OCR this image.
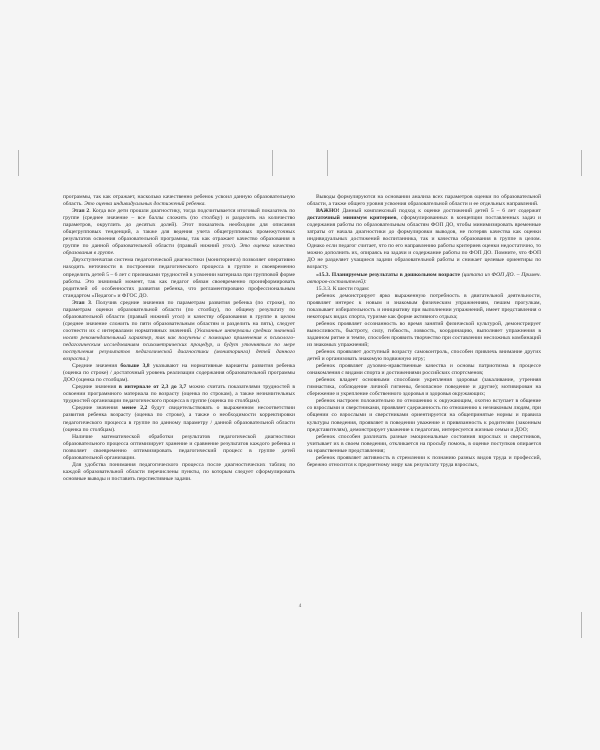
программы, так как отражает, насколько качественно ребенок усвоил данную образовательную область. Это оценка индивидуальных достижений ребенка.

Этап 2. Когда все дети прошли диагностику, тогда подсчитывается итоговый показатель по группе (среднее значение – все баллы сложить (по столбцу) и разделить на количество параметров, округлить до десятых долей). Этот показатель необходим для описания общегрупповых тенденций, а также для ведения учета общегрупповых промежуточных результатов освоения образовательной программы, так как отражает качество образования в группе по данной образовательной области (правый нижний угол). Это оценка качества образования в группе.

Двухступенчатая система педагогической диагностики (мониторинга) позволяет оперативно находить неточности в построении педагогического процесса в группе и своевременно определить детей 5 – 6 лет с признаками трудностей в усвоении материала при групповой форме работы. Это значимый момент, так как педагог обязан своевременно проинформировать родителей об особенностях развития ребенка, что регламентировано профессиональным стандартом «Педагог» и ФГОС ДО.

Этап 3. Получив средние значения по параметрам развития ребенка (по строке), по параметрам оценки образовательной области (по столбцу), по общему результату по образовательной области (правый нижний угол) и качеству образования в группе в целом (среднее значение сложить по пяти образовательным областям и разделить на пять), следует соотнести их с интервалами нормативных значений. (Указанные интервалы средних значений носят рекомендательный характер, так как получены с помощью применения к психолого-педагогическим исследованиям психометрических процедур, и будут уточняться по мере поступления результатов педагогической диагностики (мониторинга) детей данного возраста.)

Средние значения больше 3,8 указывают на нормативные варианты развития ребенка (оценка по строке) / достаточный уровень реализации содержания образовательной программы ДОО (оценка по столбцам).

Средние значения в интервале от 2,3 до 3,7 можно считать показателями трудностей в освоении программного материала по возрасту (оценка по строкам), а также незначительных трудностей организации педагогического процесса в группе (оценка по столбцам).

Средние значения менее 2,2 будут свидетельствовать о выраженном несоответствии развития ребенка возрасту (оценка по строке), а также о необходимости корректировки педагогического процесса в группе по данному параметру / данной образовательной области (оценка по столбцам).

Наличие математической обработки результатов педагогической диагностики образовательного процесса оптимизирует хранение и сравнение результатов каждого ребенка и позволяет своевременно оптимизировать педагогический процесс в группе детей образовательной организации.

Для удобства понимания педагогического процесса после диагностических таблиц по каждой образовательной области перечислены пункты, по которым следует сформулировать основные выводы и поставить перспективные задачи.

Выводы формулируются на основании анализа всех параметров оценки по образовательной области, а также общего уровня усвоения образовательной области и ее отдельных направлений.

ВАЖНО! Данный комплексный подход к оценке достижений детей 5 – 6 лет содержит достаточный минимум критериев, сформулированных в концепции поставленных задач и содержания работы по образовательным областям ФОП ДО, чтобы минимизировать временные затраты от начала диагностики до формулировки выводов, не потеряв качества как оценки индивидуальных достижений воспитанника, так и качества образования в группе в целом. Однако если педагог считает, что по его направлению работы критериев оценки недостаточно, то можно дополнить их, опираясь на задачи и содержание работы по ФОП ДО. Помните, что ФОП ДО не разделяет учащиеся задачи образовательной работы и снижает целевые ориентиры по возрасту.

«15.3. Планируемые результаты в дошкольном возрасте (цитата из ФОП ДО. – Примеч. авторов-составителей):

15.3.3. К шести годам:

ребенок демонстрирует ярко выраженную потребность в двигательной деятельности, проявляет интерес к новым и знакомым физическим упражнениям, пешим прогулкам, показывает избирательность и инициативу при выполнении упражнений, имеет представления о некоторых видах спорта, туризме как форме активного отдыха;

ребенок проявляет осознанность во время занятий физической культурой, демонстрирует выносливость, быстроту, силу, гибкость, ловкость, координацию, выполняет упражнения в заданном ритме и темпе, способен проявить творчество при составлении несложных комбинаций из знакомых упражнений;

ребенок проявляет доступный возрасту самоконтроль, способен привлечь внимание других детей и организовать знакомую подвижную игру;

ребенок проявляет духовно-нравственные качества и основы патриотизма в процессе ознакомления с видами спорта и достижениями российских спортсменов;

ребенок владеет основными способами укрепления здоровья (закаливание, утренняя гимнастика, соблюдение личной гигиены, безопасное поведение и другие); мотивирован на сбережение и укрепление собственного здоровья и здоровья окружающих;

ребенок настроен положительно по отношению к окружающим, охотно вступает в общение со взрослыми и сверстниками, проявляет сдержанность по отношению к незнакомым людям, при общении со взрослыми и сверстниками ориентируется на общепринятые нормы и правила культуры поведения, проявляет в поведении уважение и привязанность к родителям (законным представителям), демонстрирует уважение к педагогам, интересуется жизнью семьи и ДОО;

ребенок способен различать разные эмоциональные состояния взрослых и сверстников, учитывает их в своем поведении, откликается на просьбу помочь, в оценке поступков опирается на нравственные представления;

ребенок проявляет активность в стремлении к познанию разных видов труда и профессий, бережно относится к предметному миру как результату труда взрослых,

4
